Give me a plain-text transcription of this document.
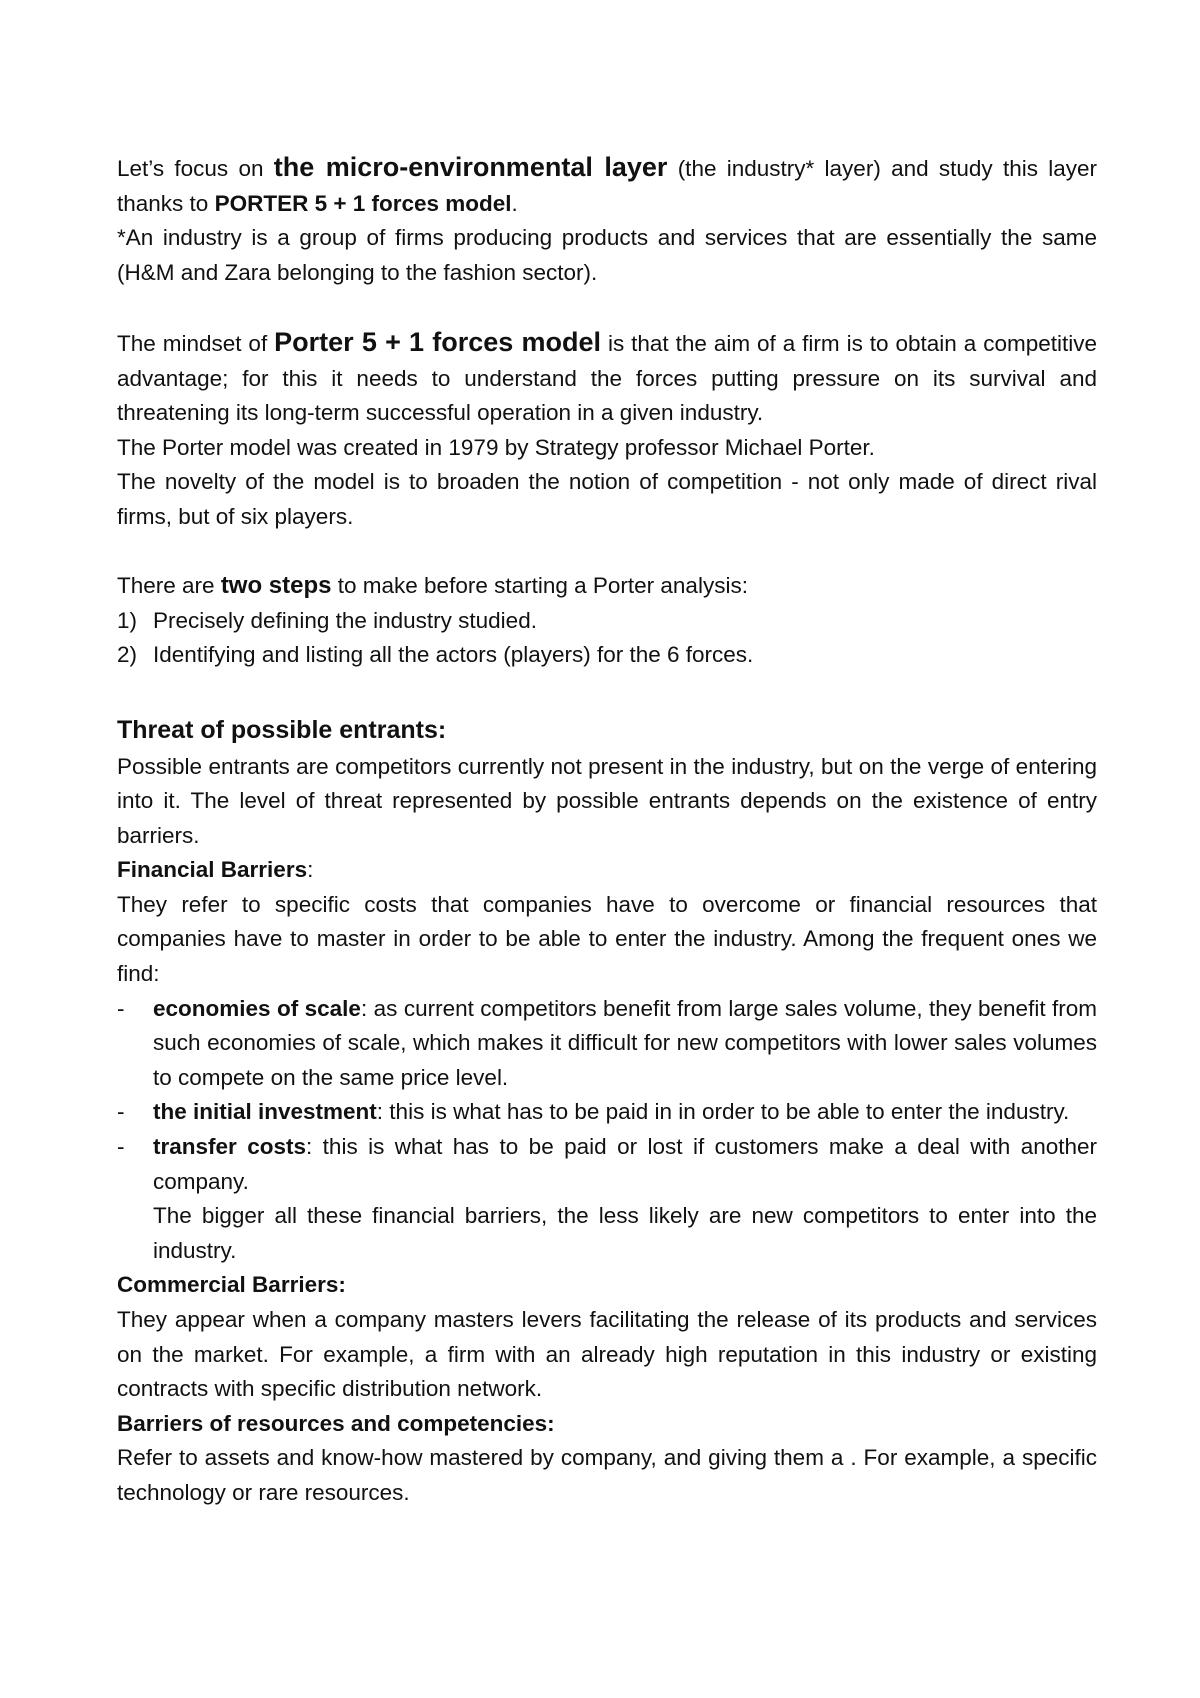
Let’s focus on the micro-environmental layer (the industry* layer) and study this layer thanks to PORTER 5 + 1 forces model.

*An industry is a group of firms producing products and services that are essentially the same (H&M and Zara belonging to the fashion sector).

The mindset of Porter 5 + 1 forces model is that the aim of a firm is to obtain a competitive advantage; for this it needs to understand the forces putting pressure on its survival and threatening its long-term successful operation in a given industry.

The Porter model was created in 1979 by Strategy professor Michael Porter.

The novelty of the model is to broaden the notion of competition - not only made of direct rival firms, but of six players.

There are two steps to make before starting a Porter analysis:

1) Precisely defining the industry studied.
2) Identifying and listing all the actors (players) for the 6 forces.

Threat of possible entrants:

Possible entrants are competitors currently not present in the industry, but on the verge of entering into it. The level of threat represented by possible entrants depends on the existence of entry barriers.

Financial Barriers:

They refer to specific costs that companies have to overcome or financial resources that companies have to master in order to be able to enter the industry. Among the frequent ones we find:

-	economies of scale: as current competitors benefit from large sales volume, they benefit from such economies of scale, which makes it difficult for new competitors with lower sales volumes to compete on the same price level.
-	the initial investment: this is what has to be paid in in order to be able to enter the industry.
-	transfer costs: this is what has to be paid or lost if customers make a deal with another company.

The bigger all these financial barriers, the less likely are new competitors to enter into the industry.

Commercial Barriers:

They appear when a company masters levers facilitating the release of its products and services on the market. For example, a firm with an already high reputation in this industry or existing contracts with specific distribution network.

Barriers of resources and competencies:

Refer to assets and know-how mastered by company, and giving them a . For example, a specific technology or rare resources.
